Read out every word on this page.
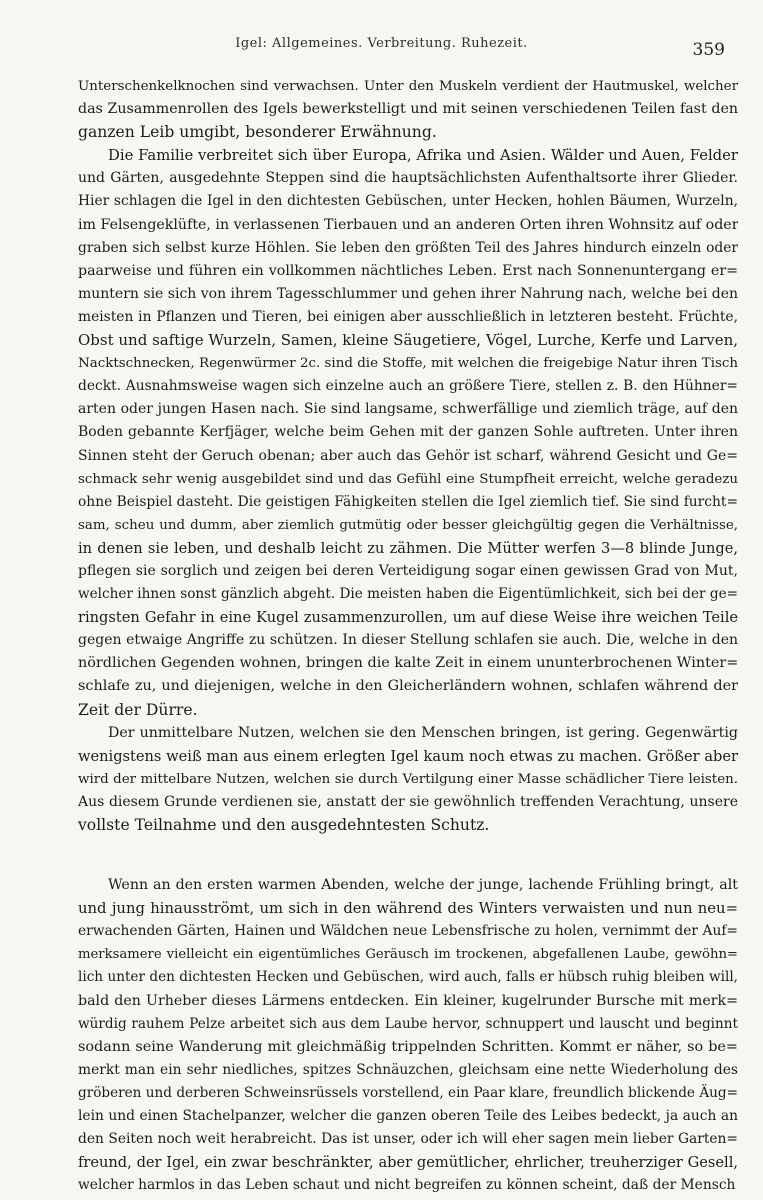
Igel: Allgemeines. Verbreitung. Ruhezeit.	359
Unterschenkelknochen sind verwachsen. Unter den Muskeln verdient der Hautmuskel, welcher
das Zusammenrollen des Igels bewerkstelligt und mit seinen verschiedenen Teilen fast den
ganzen Leib umgibt, besonderer Erwähnung.
Die Familie verbreitet sich über Europa, Afrika und Asien. Wälder und Auen, Felder
und Gärten, ausgedehnte Steppen sind die hauptsächlichsten Aufenthaltsorte ihrer Glieder.
Hier schlagen die Igel in den dichtesten Gebüschen, unter Hecken, hohlen Bäumen, Wurzeln,
im Felsengeklüfte, in verlassenen Tierbauen und an anderen Orten ihren Wohnsitz auf oder
graben sich selbst kurze Höhlen. Sie leben den größten Teil des Jahres hindurch einzeln oder
paarweise und führen ein vollkommen nächtliches Leben. Erst nach Sonnenuntergang er=
muntern sie sich von ihrem Tagesschlummer und gehen ihrer Nahrung nach, welche bei den
meisten in Pflanzen und Tieren, bei einigen aber ausschließlich in letzteren besteht. Früchte,
Obst und saftige Wurzeln, Samen, kleine Säugetiere, Vögel, Lurche, Kerfe und Larven,
Nacktschnecken, Regenwürmer 2c. sind die Stoffe, mit welchen die freigebige Natur ihren Tisch
deckt. Ausnahmsweise wagen sich einzelne auch an größere Tiere, stellen z. B. den Hühner=
arten oder jungen Hasen nach. Sie sind langsame, schwerfällige und ziemlich träge, auf den
Boden gebannte Kerfjäger, welche beim Gehen mit der ganzen Sohle auftreten. Unter ihren
Sinnen steht der Geruch obenan; aber auch das Gehör ist scharf, während Gesicht und Ge=
schmack sehr wenig ausgebildet sind und das Gefühl eine Stumpfheit erreicht, welche geradezu
ohne Beispiel dasteht. Die geistigen Fähigkeiten stellen die Igel ziemlich tief. Sie sind furcht=
sam, scheu und dumm, aber ziemlich gutmütig oder besser gleichgültig gegen die Verhältnisse,
in denen sie leben, und deshalb leicht zu zähmen. Die Mütter werfen 3—8 blinde Junge,
pflegen sie sorglich und zeigen bei deren Verteidigung sogar einen gewissen Grad von Mut,
welcher ihnen sonst gänzlich abgeht. Die meisten haben die Eigentümlichkeit, sich bei der ge=
ringsten Gefahr in eine Kugel zusammenzurollen, um auf diese Weise ihre weichen Teile
gegen etwaige Angriffe zu schützen. In dieser Stellung schlafen sie auch. Die, welche in den
nördlichen Gegenden wohnen, bringen die kalte Zeit in einem ununterbrochenen Winter=
schlafe zu, und diejenigen, welche in den Gleicherländern wohnen, schlafen während der
Zeit der Dürre.
Der unmittelbare Nutzen, welchen sie den Menschen bringen, ist gering. Gegenwärtig
wenigstens weiß man aus einem erlegten Igel kaum noch etwas zu machen. Größer aber
wird der mittelbare Nutzen, welchen sie durch Vertilgung einer Masse schädlicher Tiere leisten.
Aus diesem Grunde verdienen sie, anstatt der sie gewöhnlich treffenden Verachtung, unsere
vollste Teilnahme und den ausgedehntesten Schutz.
Wenn an den ersten warmen Abenden, welche der junge, lachende Frühling bringt, alt
und jung hinausströmt, um sich in den während des Winters verwaisten und nun neu=
erwachenden Gärten, Hainen und Wäldchen neue Lebensfrische zu holen, vernimmt der Auf=
merksamere vielleicht ein eigentümliches Geräusch im trockenen, abgefallenen Laube, gewöhn=
lich unter den dichtesten Hecken und Gebüschen, wird auch, falls er hübsch ruhig bleiben will,
bald den Urheber dieses Lärmens entdecken. Ein kleiner, kugelrunder Bursche mit merk=
würdig rauhem Pelze arbeitet sich aus dem Laube hervor, schnuppert und lauscht und beginnt
sodann seine Wanderung mit gleichmäßig trippelnden Schritten. Kommt er näher, so be=
merkt man ein sehr niedliches, spitzes Schnäuzchen, gleichsam eine nette Wiederholung des
gröberen und derberen Schweinsrüssels vorstellend, ein Paar klare, freundlich blickende Äug=
lein und einen Stachelpanzer, welcher die ganzen oberen Teile des Leibes bedeckt, ja auch an
den Seiten noch weit herabreicht. Das ist unser, oder ich will eher sagen mein lieber Garten=
freund, der Igel, ein zwar beschränkter, aber gemütlicher, ehrlicher, treuherziger Gesell,
welcher harmlos in das Leben schaut und nicht begreifen zu können scheint, daß der Mensch
